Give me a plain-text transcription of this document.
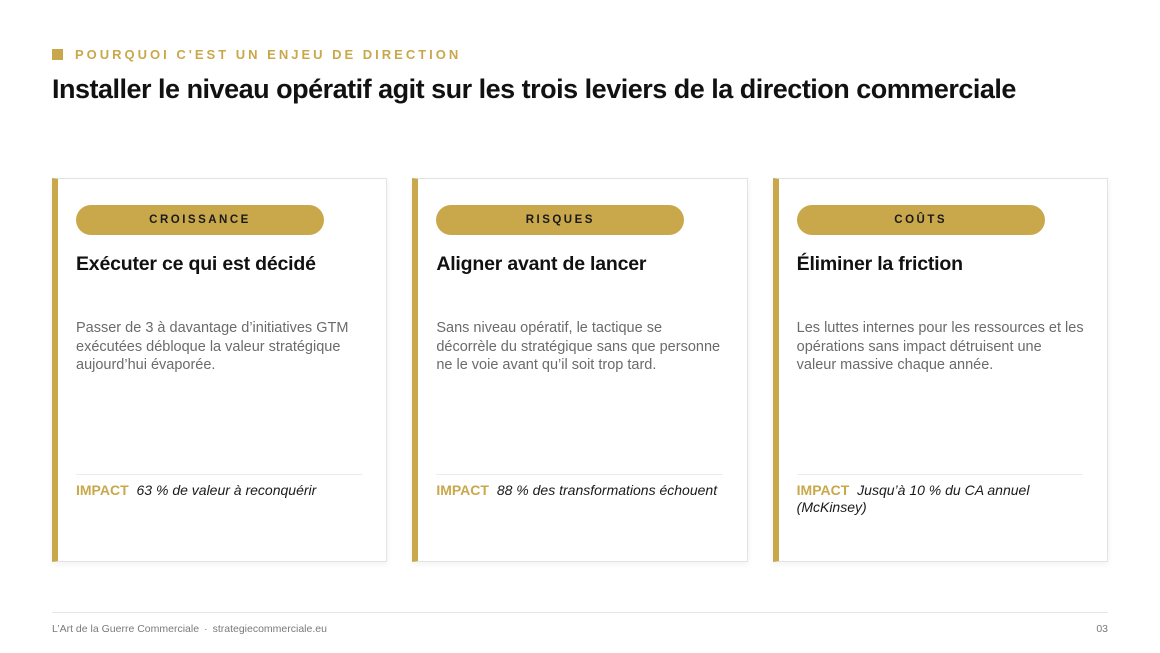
POURQUOI C'EST UN ENJEU DE DIRECTION
Installer le niveau opératif agit sur les trois leviers de la direction commerciale
CROISSANCE
Exécuter ce qui est décidé
Passer de 3 à davantage d’initiatives GTM exécutées débloque la valeur stratégique aujourd’hui évaporée.
IMPACT 63 % de valeur à reconquérir
RISQUES
Aligner avant de lancer
Sans niveau opératif, le tactique se décorrèle du stratégique sans que personne ne le voie avant qu’il soit trop tard.
IMPACT 88 % des transformations échouent
COÛTS
Éliminer la friction
Les luttes internes pour les ressources et les opérations sans impact détruisent une valeur massive chaque année.
IMPACT Jusqu’à 10 % du CA annuel (McKinsey)
L’Art de la Guerre Commerciale · strategiecommerciale.eu	03
